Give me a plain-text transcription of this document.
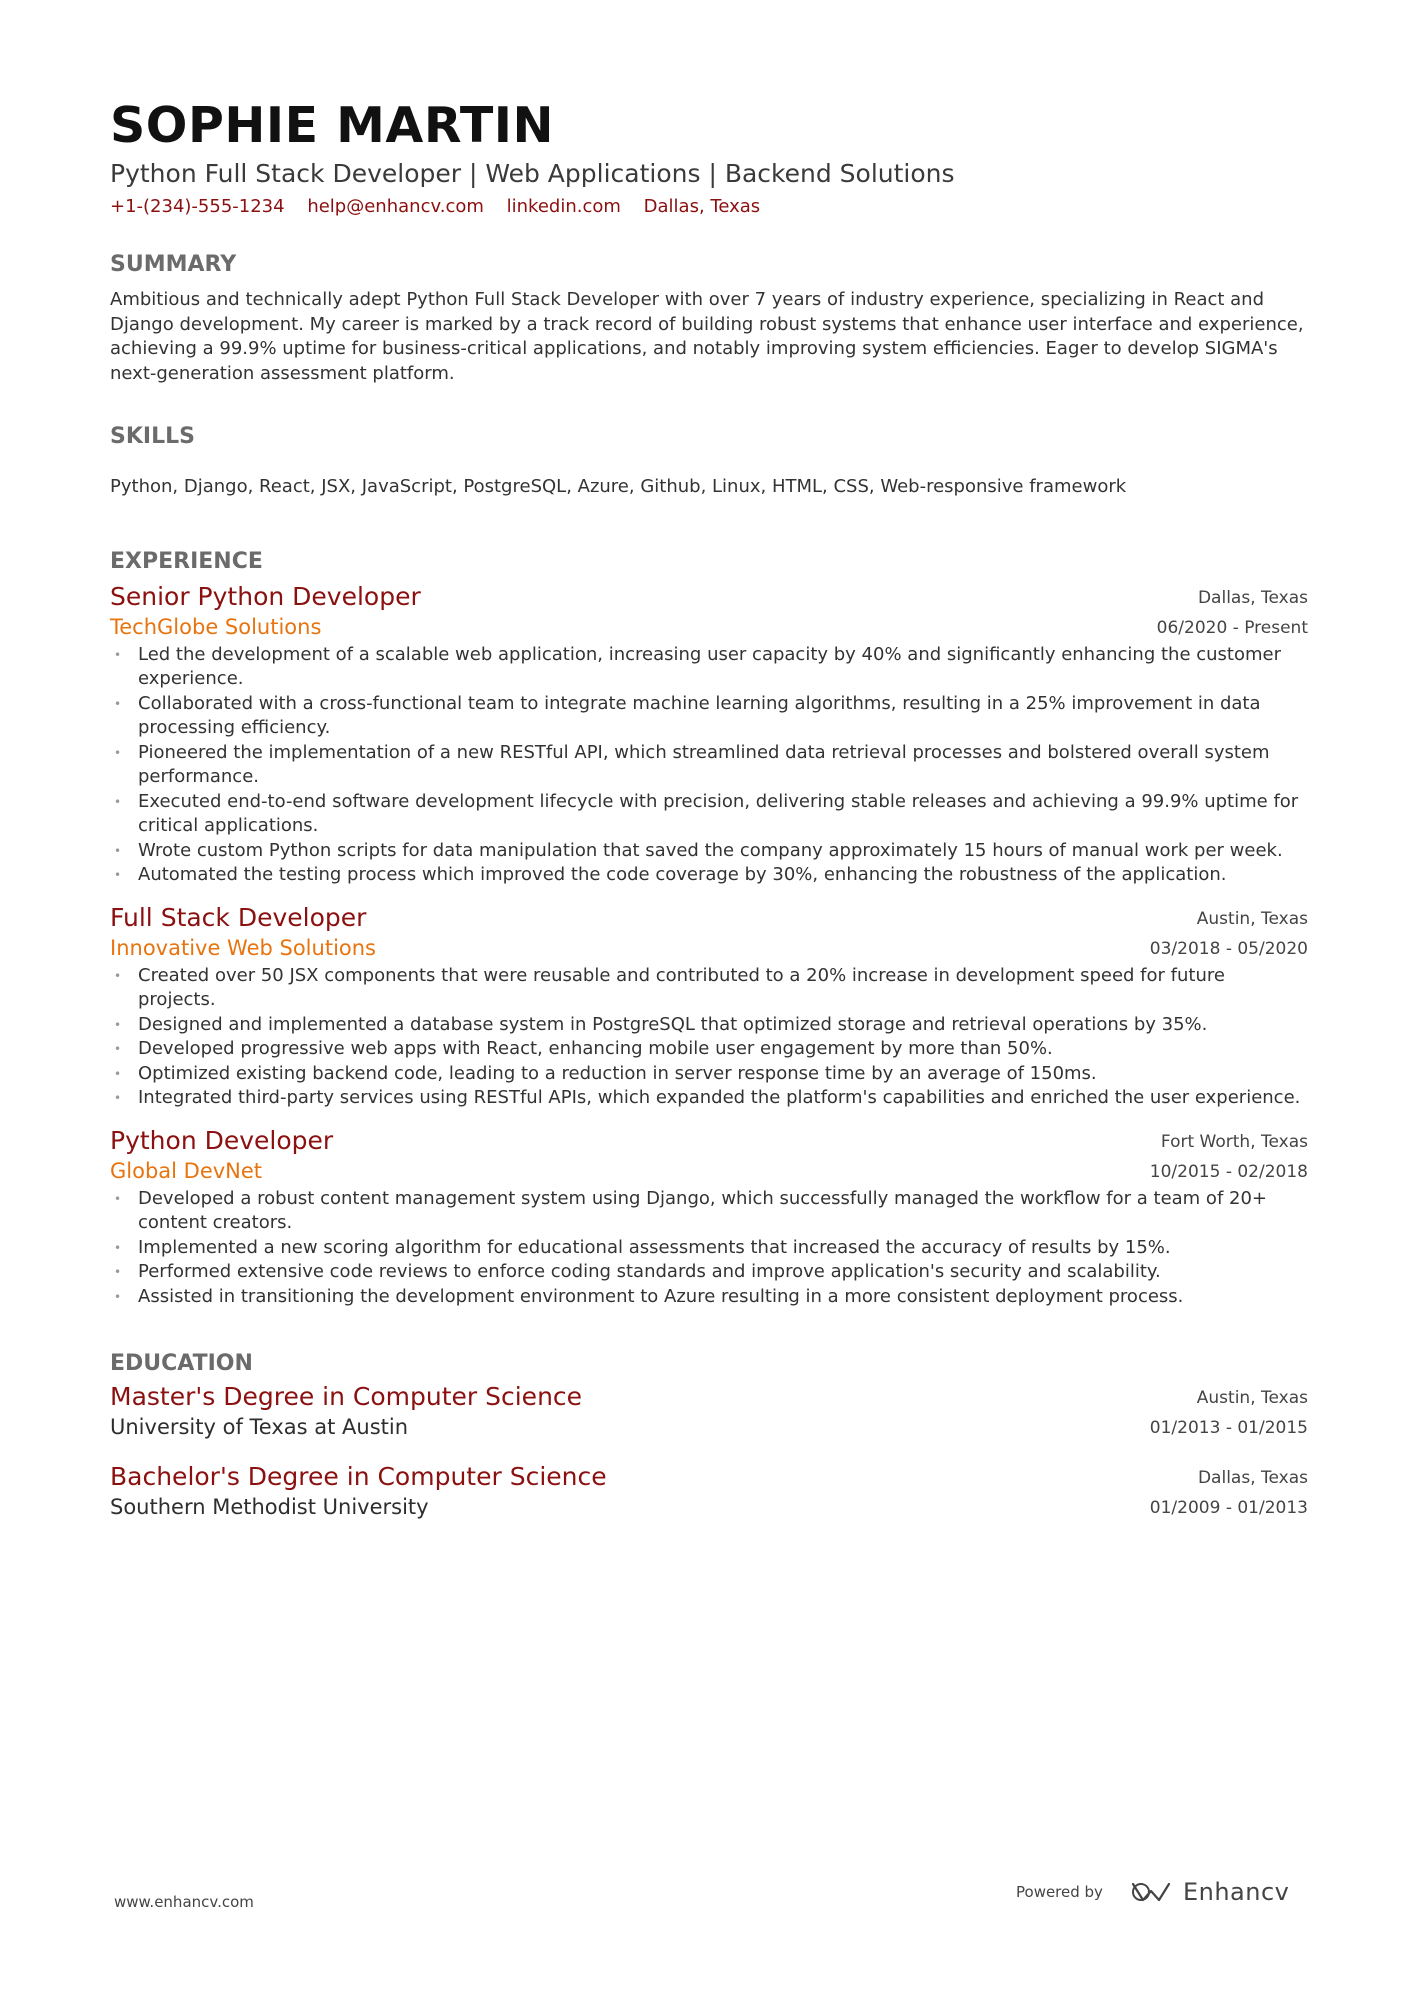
SOPHIE MARTIN
Python Full Stack Developer | Web Applications | Backend Solutions
+1-(234)-555-1234 help@enhancv.com linkedin.com Dallas, Texas
SUMMARY
Ambitious and technically adept Python Full Stack Developer with over 7 years of industry experience, specializing in React and Django development. My career is marked by a track record of building robust systems that enhance user interface and experience, achieving a 99.9% uptime for business-critical applications, and notably improving system efficiencies. Eager to develop SIGMA's next-generation assessment platform.
SKILLS
Python, Django, React, JSX, JavaScript, PostgreSQL, Azure, Github, Linux, HTML, CSS, Web-responsive framework
EXPERIENCE
Senior Python Developer
TechGlobe Solutions
Dallas, Texas
06/2020 - Present
• Led the development of a scalable web application, increasing user capacity by 40% and significantly enhancing the customer experience.
• Collaborated with a cross-functional team to integrate machine learning algorithms, resulting in a 25% improvement in data processing efficiency.
• Pioneered the implementation of a new RESTful API, which streamlined data retrieval processes and bolstered overall system performance.
• Executed end-to-end software development lifecycle with precision, delivering stable releases and achieving a 99.9% uptime for critical applications.
• Wrote custom Python scripts for data manipulation that saved the company approximately 15 hours of manual work per week.
• Automated the testing process which improved the code coverage by 30%, enhancing the robustness of the application.
Full Stack Developer
Innovative Web Solutions
Austin, Texas
03/2018 - 05/2020
• Created over 50 JSX components that were reusable and contributed to a 20% increase in development speed for future projects.
• Designed and implemented a database system in PostgreSQL that optimized storage and retrieval operations by 35%.
• Developed progressive web apps with React, enhancing mobile user engagement by more than 50%.
• Optimized existing backend code, leading to a reduction in server response time by an average of 150ms.
• Integrated third-party services using RESTful APIs, which expanded the platform's capabilities and enriched the user experience.
Python Developer
Global DevNet
Fort Worth, Texas
10/2015 - 02/2018
• Developed a robust content management system using Django, which successfully managed the workflow for a team of 20+ content creators.
• Implemented a new scoring algorithm for educational assessments that increased the accuracy of results by 15%.
• Performed extensive code reviews to enforce coding standards and improve application's security and scalability.
• Assisted in transitioning the development environment to Azure resulting in a more consistent deployment process.
EDUCATION
Master's Degree in Computer Science
University of Texas at Austin
Austin, Texas
01/2013 - 01/2015
Bachelor's Degree in Computer Science
Southern Methodist University
Dallas, Texas
01/2009 - 01/2013
www.enhancv.com
Powered by	Enhancv
